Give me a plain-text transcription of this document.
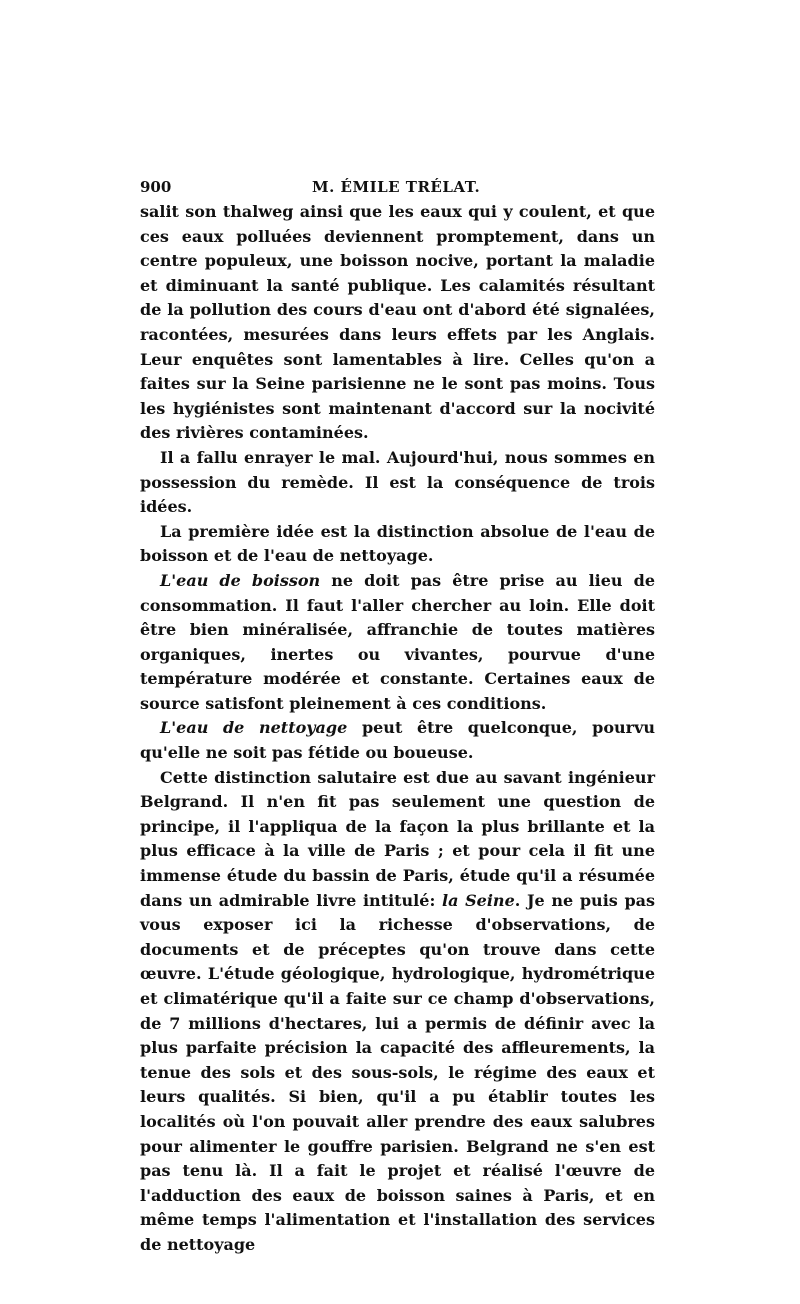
900	M. ÉMILE TRÉLAT.

salit son thalweg ainsi que les eaux qui y coulent, et que ces eaux polluées deviennent promptement, dans un centre populeux, une boisson nocive, portant la maladie et diminuant la santé publique. Les calamités résultant de la pollution des cours d'eau ont d'abord été signalées, racontées, mesurées dans leurs effets par les Anglais. Leur enquêtes sont lamentables à lire. Celles qu'on a faites sur la Seine parisienne ne le sont pas moins. Tous les hygiénistes sont maintenant d'accord sur la nocivité des rivières contaminées.

Il a fallu enrayer le mal. Aujourd'hui, nous sommes en possession du remède. Il est la conséquence de trois idées.

La première idée est la distinction absolue de l'eau de boisson et de l'eau de nettoyage.

L'eau de boisson ne doit pas être prise au lieu de consommation. Il faut l'aller chercher au loin. Elle doit être bien minéralisée, affranchie de toutes matières organiques, inertes ou vivantes, pourvue d'une température modérée et constante. Certaines eaux de source satisfont pleinement à ces conditions.

L'eau de nettoyage peut être quelconque, pourvu qu'elle ne soit pas fétide ou boueuse.

Cette distinction salutaire est due au savant ingénieur Belgrand. Il n'en fit pas seulement une question de principe, il l'appliqua de la façon la plus brillante et la plus efficace à la ville de Paris ; et pour cela il fit une immense étude du bassin de Paris, étude qu'il a résumée dans un admirable livre intitulé: la Seine. Je ne puis pas vous exposer ici la richesse d'observations, de documents et de préceptes qu'on trouve dans cette œuvre. L'étude géologique, hydrologique, hydrométrique et climatérique qu'il a faite sur ce champ d'observations, de 7 millions d'hectares, lui a permis de définir avec la plus parfaite précision la capacité des affleurements, la tenue des sols et des sous-sols, le régime des eaux et leurs qualités. Si bien, qu'il a pu établir toutes les localités où l'on pouvait aller prendre des eaux salubres pour alimenter le gouffre parisien. Belgrand ne s'en est pas tenu là. Il a fait le projet et réalisé l'œuvre de l'adduction des eaux de boisson saines à Paris, et en même temps l'alimentation et l'installation des services de nettoyage
